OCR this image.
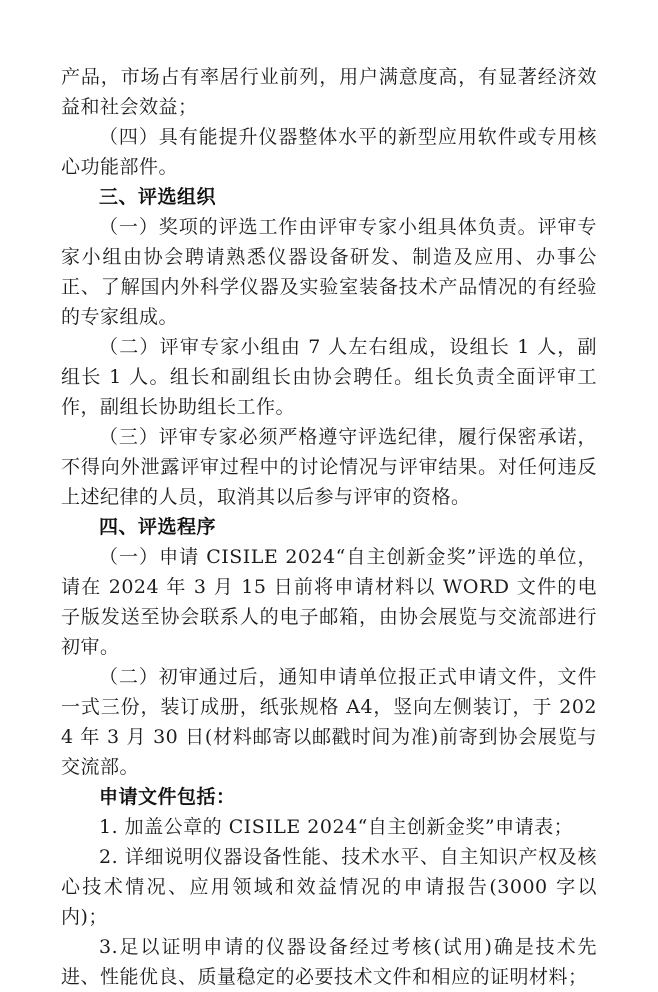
产品，市场占有率居行业前列，用户满意度高，有显著经济效益和社会效益；

（四）具有能提升仪器整体水平的新型应用软件或专用核心功能部件。

三、评选组织

（一）奖项的评选工作由评审专家小组具体负责。评审专家小组由协会聘请熟悉仪器设备研发、制造及应用、办事公正、了解国内外科学仪器及实验室装备技术产品情况的有经验的专家组成。

（二）评审专家小组由 7 人左右组成，设组长 1 人，副组长 1 人。组长和副组长由协会聘任。组长负责全面评审工作，副组长协助组长工作。

（三）评审专家必须严格遵守评选纪律，履行保密承诺，不得向外泄露评审过程中的讨论情况与评审结果。对任何违反上述纪律的人员，取消其以后参与评审的资格。

四、评选程序

（一）申请 CISILE 2024“自主创新金奖”评选的单位，请在 2024 年 3 月 15 日前将申请材料以 WORD 文件的电子版发送至协会联系人的电子邮箱，由协会展览与交流部进行初审。

（二）初审通过后，通知申请单位报正式申请文件，文件一式三份，装订成册，纸张规格 A4，竖向左侧装订，于 2024 年 3 月 30 日(材料邮寄以邮戳时间为准)前寄到协会展览与交流部。

申请文件包括：

1. 加盖公章的 CISILE 2024“自主创新金奖”申请表；

2. 详细说明仪器设备性能、技术水平、自主知识产权及核心技术情况、应用领域和效益情况的申请报告(3000 字以内)；

3.足以证明申请的仪器设备经过考核(试用)确是技术先进、性能优良、质量稳定的必要技术文件和相应的证明材料；
